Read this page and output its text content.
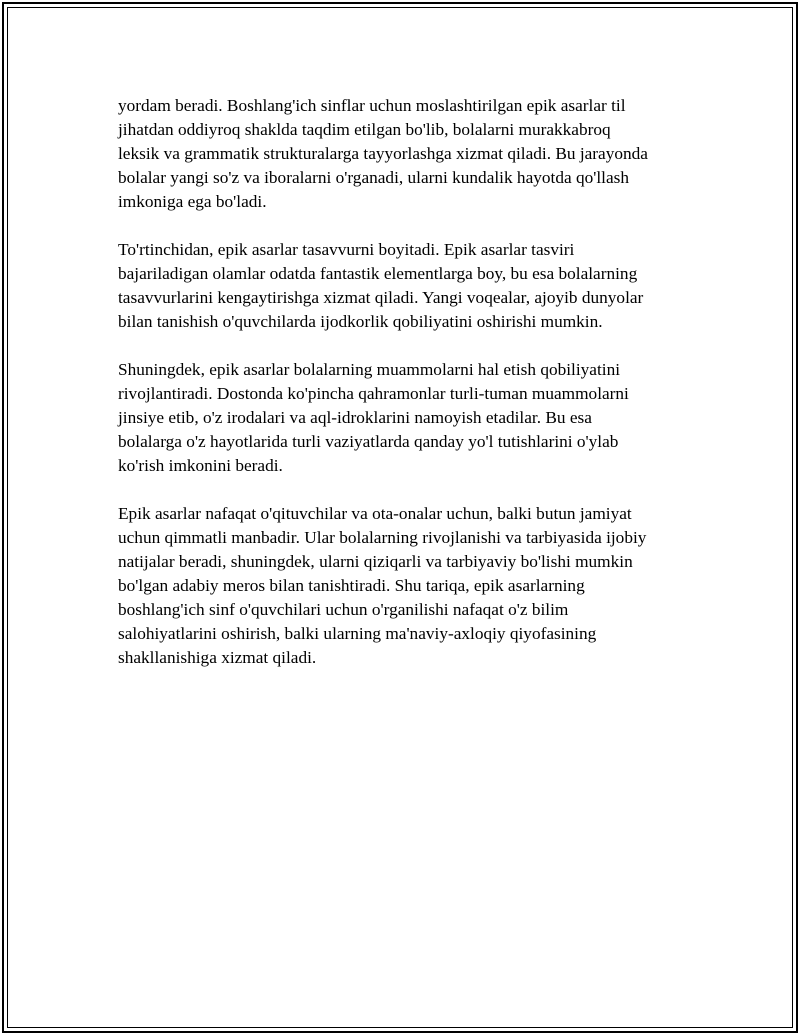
yordam beradi. Boshlang'ich sinflar uchun moslashtirilgan epik asarlar til
jihatdan oddiyroq shaklda taqdim etilgan bo'lib, bolalarni murakkabroq
leksik va grammatik strukturalarga tayyorlashga xizmat qiladi. Bu jarayonda
bolalar yangi so'z va iboralarni o'rganadi, ularni kundalik hayotda qo'llash
imkoniga ega bo'ladi.

To'rtinchidan, epik asarlar tasavvurni boyitadi. Epik asarlar tasviri
bajariladigan olamlar odatda fantastik elementlarga boy, bu esa bolalarning
tasavvurlarini kengaytirishga xizmat qiladi. Yangi voqealar, ajoyib dunyolar
bilan tanishish o'quvchilarda ijodkorlik qobiliyatini oshirishi mumkin.

Shuningdek, epik asarlar bolalarning muammolarni hal etish qobiliyatini
rivojlantiradi. Dostonda ko'pincha qahramonlar turli-tuman muammolarni
jinsiye etib, o'z irodalari va aql-idroklarini namoyish etadilar. Bu esa
bolalarga o'z hayotlarida turli vaziyatlarda qanday yo'l tutishlarini o'ylab
ko'rish imkonini beradi.

Epik asarlar nafaqat o'qituvchilar va ota-onalar uchun, balki butun jamiyat
uchun qimmatli manbadir. Ular bolalarning rivojlanishi va tarbiyasida ijobiy
natijalar beradi, shuningdek, ularni qiziqarli va tarbiyaviy bo'lishi mumkin
bo'lgan adabiy meros bilan tanishtiradi. Shu tariqa, epik asarlarning
boshlang'ich sinf o'quvchilari uchun o'rganilishi nafaqat o'z bilim
salohiyatlarini oshirish, balki ularning ma'naviy-axloqiy qiyofasining
shakllanishiga xizmat qiladi.
